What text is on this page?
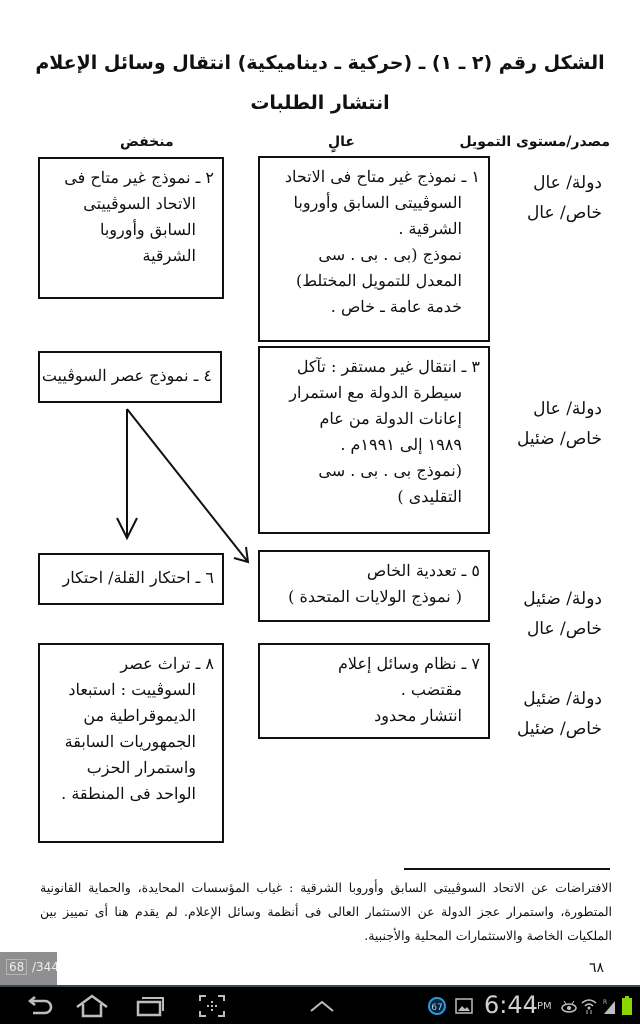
الشكل رقم (٢ ـ ١) ـ (حركية ـ ديناميكية) انتقال وسائل الإعلام
انتشار الطلبات
مصدر/مستوى التمويل
عالٍ
منخفض
دولة/ عال
خاص/ عال
دولة/ عال
خاص/ ضئيل
دولة/ ضئيل
خاص/ عال
دولة/ ضئيل
خاص/ ضئيل
١ ـ نموذج غير متاح فى الاتحاد
السوڤييتى السابق وأوروبا
الشرقية .
نموذج (بى . بى . سى
المعدل للتمويل المختلط)
خدمة عامة ـ خاص .
٣ ـ انتقال غير مستقر : تآكل
سيطرة الدولة مع استمرار
إعانات الدولة من عام
١٩٨٩ إلى ١٩٩١م .
(نموذج بى . بى . سى
التقليدى )
٥ ـ تعددية الخاص
( نموذج الولايات المتحدة )
٧ ـ نظام وسائل إعلام
مقتضب .
انتشار محدود
٢ ـ نموذج غير متاح فى
الاتحاد السوڤييتى
السابق وأوروبا
الشرقية
٤ ـ نموذج عصر السوڤييت
٦ ـ احتكار القلة/ احتكار
٨ ـ تراث عصر
السوڤييت : استبعاد
الديموقراطية من
الجمهوريات السابقة
واستمرار الحزب
الواحد فى المنطقة .
الافتراضات عن الاتحاد السوڤييتى السابق وأوروبا الشرقية : غياب المؤسسات المحايدة، والحماية القانونية المتطورة، واستمرار عجز الدولة عن الاستثمار العالى فى أنظمة وسائل الإعلام. لم يقدم هنا أى تمييز بين الملكيات الخاصة والاستثمارات المحلية والأجنبية.
٦٨
68 /344
67 6:44 PM	R
